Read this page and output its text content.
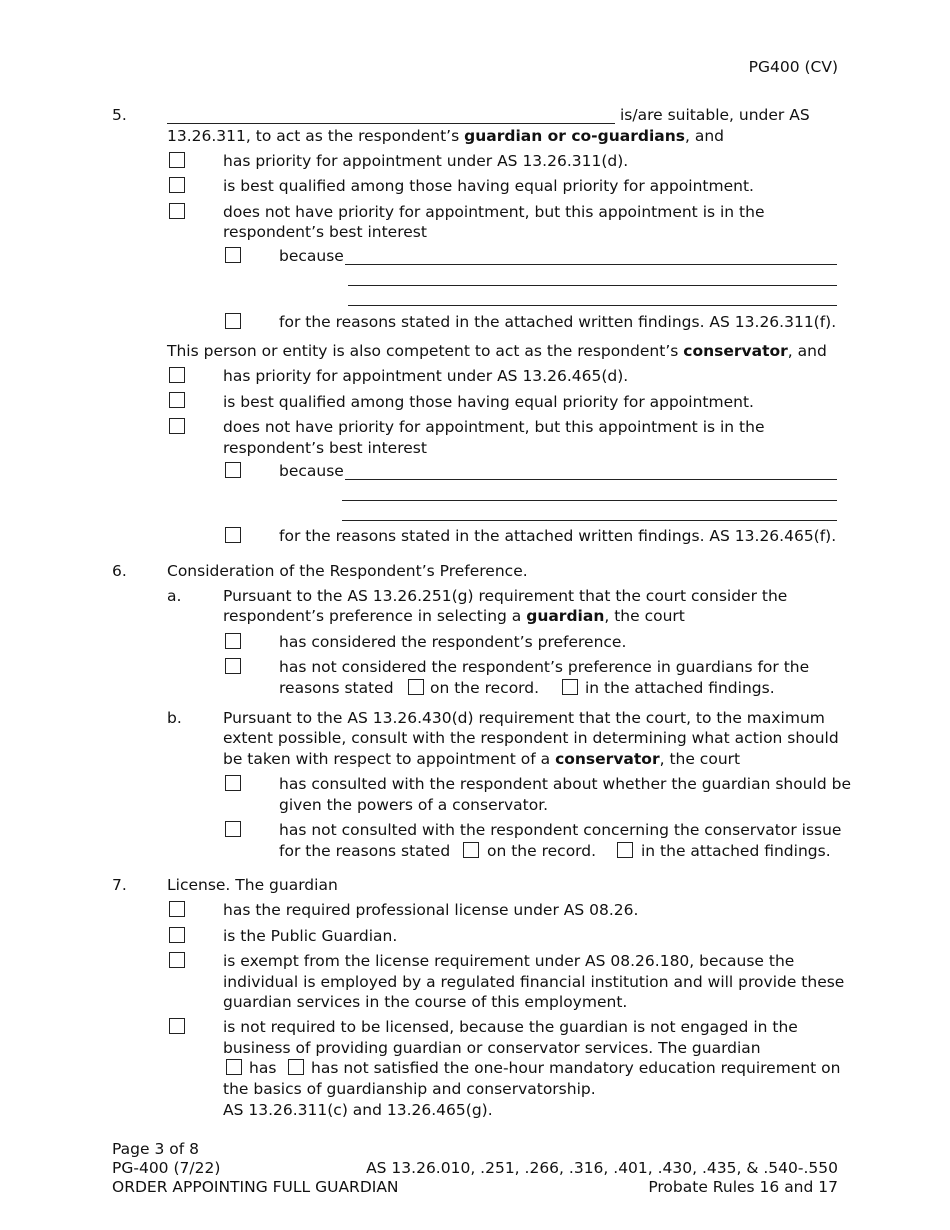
PG400 (CV)
5.	is/are suitable, under AS
13.26.311, to act as the respondent’s guardian or co-guardians, and
has priority for appointment under AS 13.26.311(d).
is best qualified among those having equal priority for appointment.
does not have priority for appointment, but this appointment is in the
respondent’s best interest
because
for the reasons stated in the attached written findings. AS 13.26.311(f).
This person or entity is also competent to act as the respondent’s conservator, and
has priority for appointment under AS 13.26.465(d).
is best qualified among those having equal priority for appointment.
does not have priority for appointment, but this appointment is in the
respondent’s best interest
because
for the reasons stated in the attached written findings. AS 13.26.465(f).
6.	Consideration of the Respondent’s Preference.
a.	Pursuant to the AS 13.26.251(g) requirement that the court consider the
respondent’s preference in selecting a guardian, the court
has considered the respondent’s preference.
has not considered the respondent’s preference in guardians for the
reasons stated on the record.	in the attached findings.
b.	Pursuant to the AS 13.26.430(d) requirement that the court, to the maximum
extent possible, consult with the respondent in determining what action should
be taken with respect to appointment of a conservator, the court
has consulted with the respondent about whether the guardian should be
given the powers of a conservator.
has not consulted with the respondent concerning the conservator issue
for the reasons stated on the record.	in the attached findings.
7.	License. The guardian
has the required professional license under AS 08.26.
is the Public Guardian.
is exempt from the license requirement under AS 08.26.180, because the
individual is employed by a regulated financial institution and will provide these
guardian services in the course of this employment.
is not required to be licensed, because the guardian is not engaged in the
business of providing guardian or conservator services. The guardian
has has not satisfied the one-hour mandatory education requirement on
the basics of guardianship and conservatorship.
AS 13.26.311(c) and 13.26.465(g).
Page 3 of 8
PG-400 (7/22)
ORDER APPOINTING FULL GUARDIAN
AS 13.26.010, .251, .266, .316, .401, .430, .435, & .540-.550
Probate Rules 16 and 17
